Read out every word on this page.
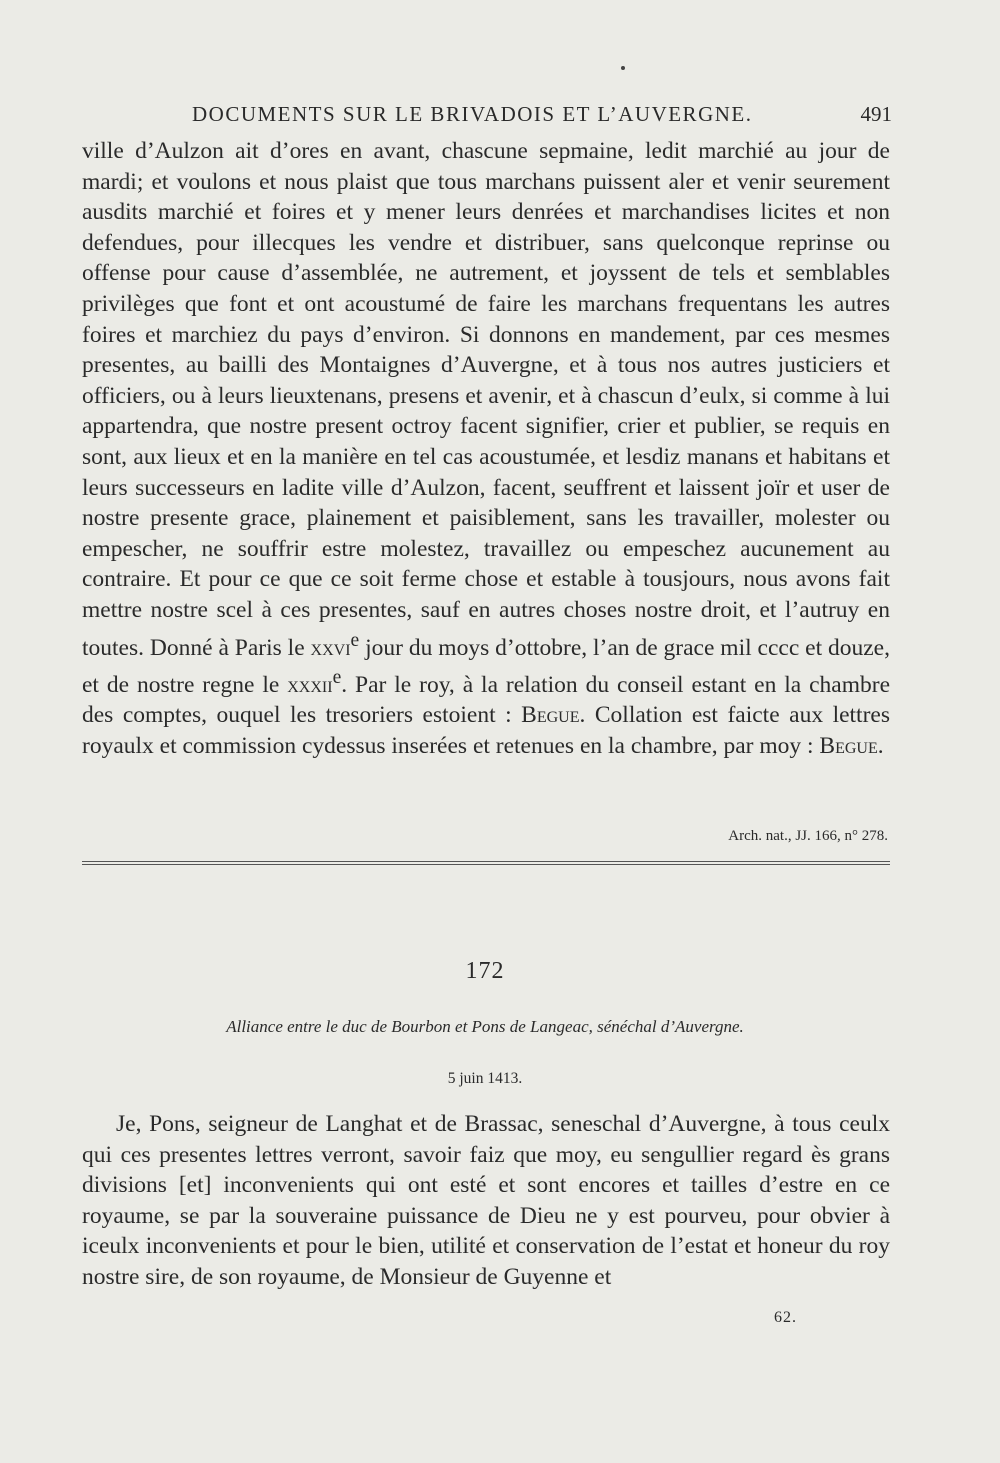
DOCUMENTS SUR LE BRIVADOIS ET L’AUVERGNE.	491

ville d’Aulzon ait d’ores en avant, chascune sepmaine, ledit marchié au jour de mardi; et voulons et nous plaist que tous marchans puissent aler et venir seurement ausdits marchié et foires et y mener leurs denrées et marchandises licites et non defendues, pour illecques les vendre et distribuer, sans quelconque reprinse ou offense pour cause d’assemblée, ne autrement, et joyssent de tels et semblables privilèges que font et ont acoustumé de faire les marchans frequentans les autres foires et marchiez du pays d’environ. Si donnons en mandement, par ces mesmes presentes, au bailli des Montaignes d’Auvergne, et à tous nos autres justiciers et officiers, ou à leurs lieuxtenans, presens et avenir, et à chascun d’eulx, si comme à lui appartendra, que nostre present octroy facent signifier, crier et publier, se requis en sont, aux lieux et en la manière en tel cas acoustumée, et lesdiz manans et habitans et leurs successeurs en ladite ville d’Aulzon, facent, seuffrent et laissent joïr et user de nostre presente grace, plainement et paisiblement, sans les travailler, molester ou empescher, ne souffrir estre molestez, travaillez ou empeschez aucunement au contraire. Et pour ce que ce soit ferme chose et estable à tousjours, nous avons fait mettre nostre scel à ces presentes, sauf en autres choses nostre droit, et l’autruy en toutes. Donné à Paris le xxvi$^e$ jour du moys d’ottobre, l’an de grace mil cccc et douze, et de nostre regne le xxxii$^e$. Par le roy, à la relation du conseil estant en la chambre des comptes, ouquel les tresoriers estoient : Begue. Collation est faicte aux lettres royaulx et commission cydessus inserées et retenues en la chambre, par moy : Begue.

Arch. nat., JJ. 166, n° 278.
172
Alliance entre le duc de Bourbon et Pons de Langeac, sénéchal d’Auvergne.
5 juin 1413.

Je, Pons, seigneur de Langhat et de Brassac, seneschal d’Auvergne, à tous ceulx qui ces presentes lettres verront, savoir faiz que moy, eu sengullier regard ès grans divisions [et] inconvenients qui ont esté et sont encores et tailles d’estre en ce royaume, se par la souveraine puissance de Dieu ne y est pourveu, pour obvier à iceulx inconvenients et pour le bien, utilité et conservation de l’estat et honeur du roy nostre sire, de son royaume, de Monsieur de Guyenne et

62.
